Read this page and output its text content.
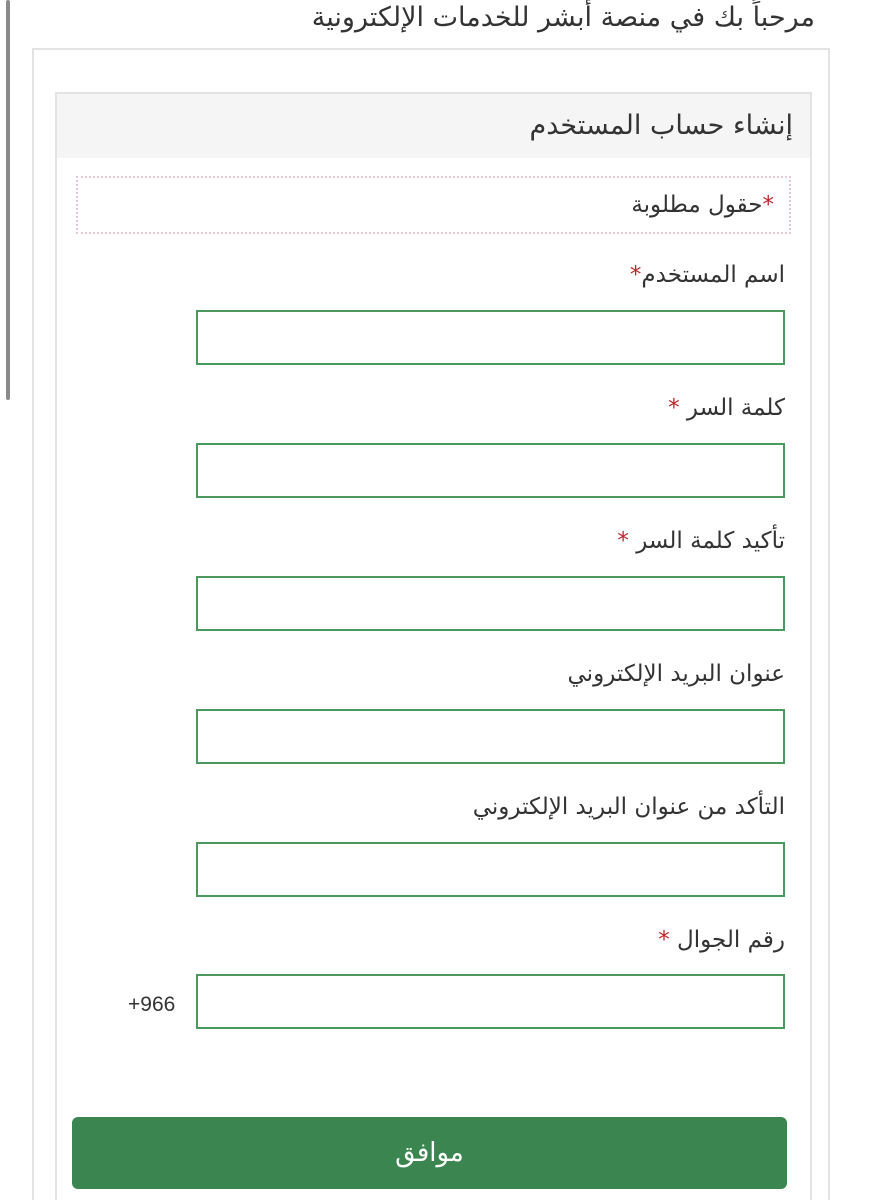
مرحباً بك في منصة أبشر للخدمات الإلكترونية
إنشاء حساب المستخدم
*حقول مطلوبة
اسم المستخدم*
كلمة السر *
تأكيد كلمة السر *
عنوان البريد الإلكتروني
التأكد من عنوان البريد الإلكتروني
رقم الجوال *
+966
موافق
